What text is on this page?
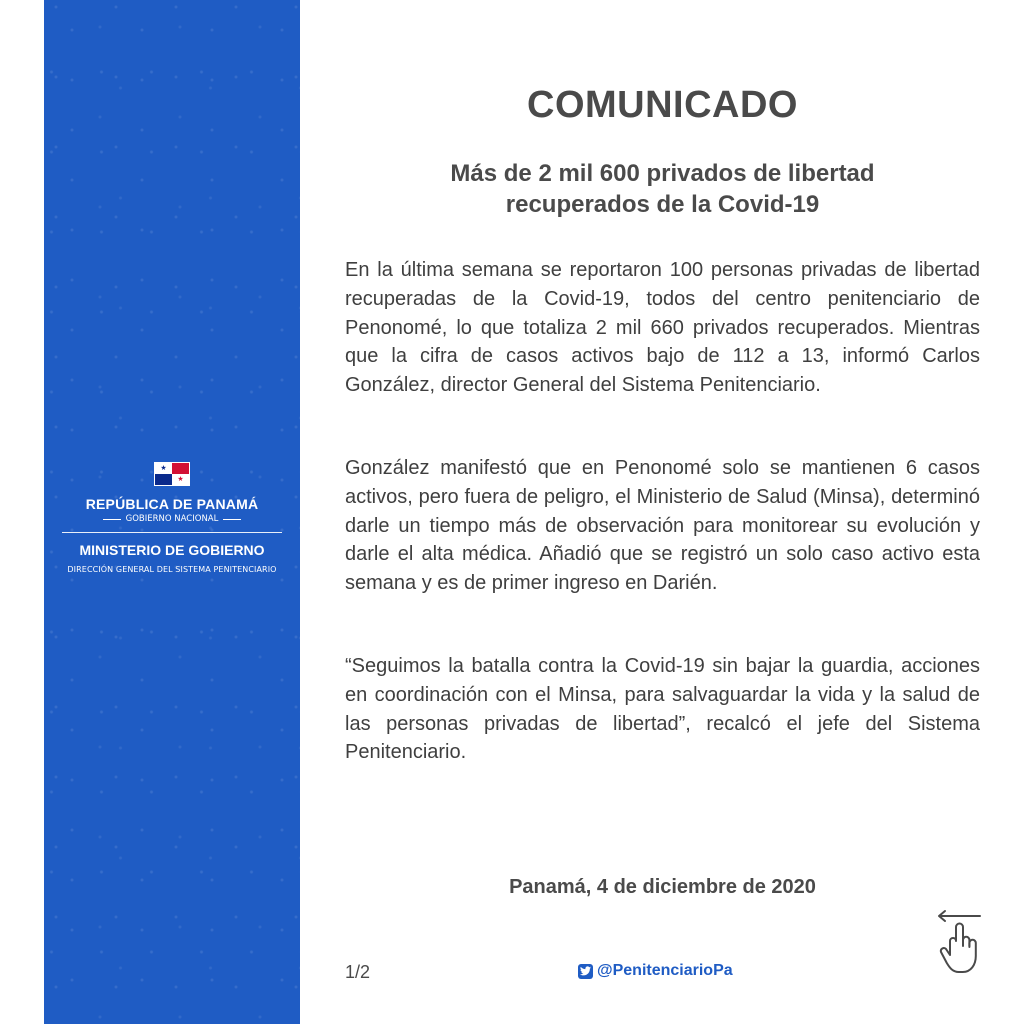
★
★
REPÚBLICA DE PANAMÁ
GOBIERNO NACIONAL
MINISTERIO DE GOBIERNO
DIRECCIÓN GENERAL DEL SISTEMA PENITENCIARIO
COMUNICADO
Más de 2 mil 600 privados de libertad
recuperados de la Covid-19

En la última semana se reportaron 100 personas privadas de libertad recuperadas de la Covid-19, todos del centro penitenciario de Penonomé, lo que totaliza 2 mil 660 privados recuperados. Mientras que la cifra de casos activos bajo de 112 a 13, informó Carlos González, director General del Sistema Penitenciario.

González manifestó que en Penonomé solo se mantienen 6 casos activos, pero fuera de peligro, el Ministerio de Salud (Minsa), determinó darle un tiempo más de observación para monitorear su evolución y darle el alta médica. Añadió que se registró un solo caso activo esta semana y es de primer ingreso en Darién.

“Seguimos la batalla contra la Covid-19 sin bajar la guardia, acciones en coordinación con el Minsa, para salvaguardar la vida y la salud de las personas privadas de libertad”, recalcó el jefe del Sistema Penitenciario.

Panamá, 4 de diciembre de 2020
1/2	@PenitenciarioPa
